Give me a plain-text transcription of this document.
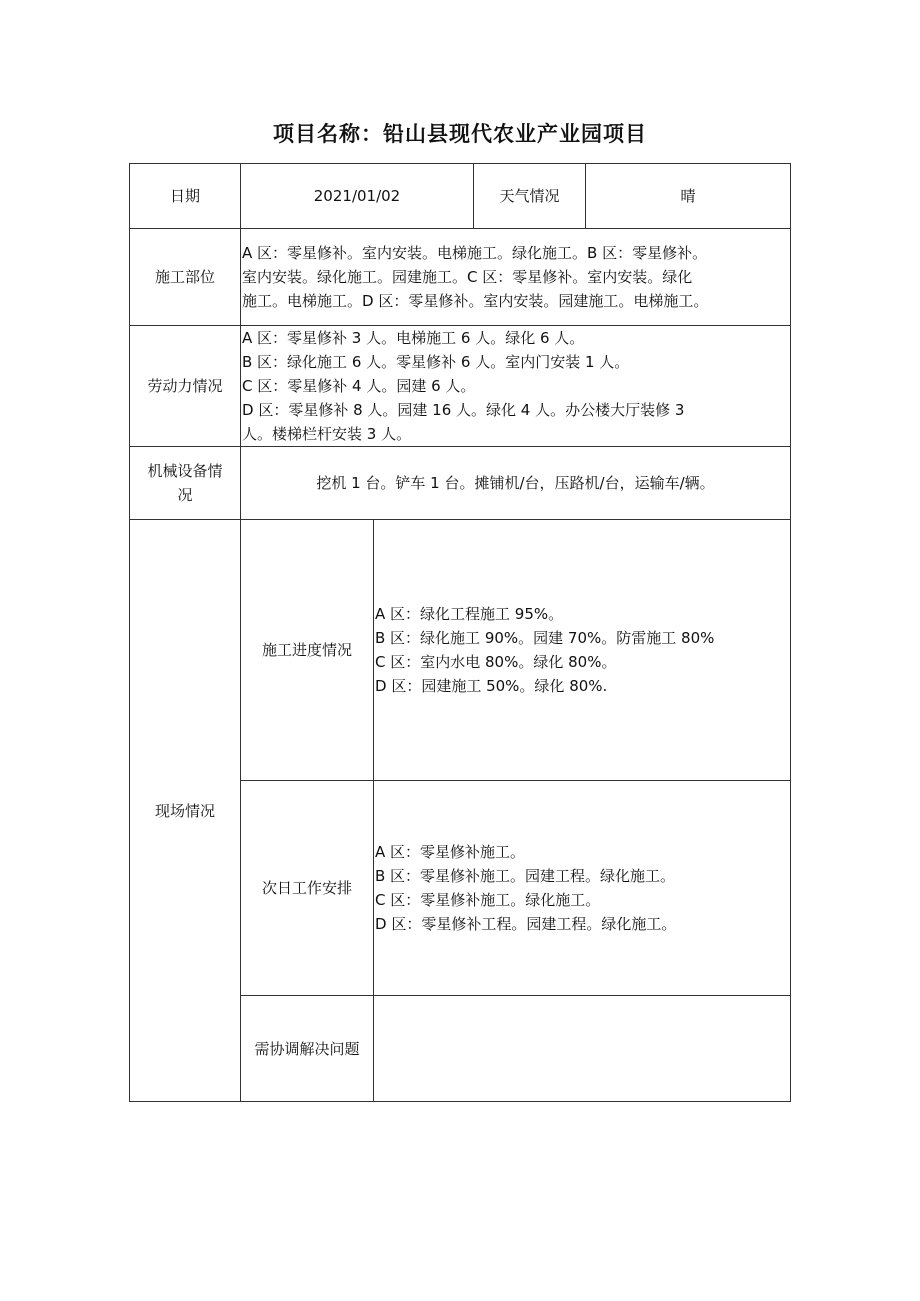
项目名称：铅山县现代农业产业园项目
日期	2021/01/02		天气情况	晴
施工部位	A 区：零星修补。室内安装。电梯施工。绿化施工。B 区：零星修补。
室内安装。绿化施工。园建施工。C 区：零星修补。室内安装。绿化
施工。电梯施工。D 区：零星修补。室内安装。园建施工。电梯施工。			

劳动力情况	A 区：零星修补 3 人。电梯施工 6 人。绿化 6 人。
B 区：绿化施工 6 人。零星修补 6 人。室内门安装 1 人。
C 区：零星修补 4 人。园建 6 人。
D 区：零星修补 8 人。园建 16 人。绿化 4 人。办公楼大厅装修 3
人。楼梯栏杆安装 3 人。			

机械设备情
况	挖机 1 台。铲车 1 台。摊铺机/台，压路机/台，运输车/辆。			
现场情况	施工进度情况	A 区：绿化工程施工 95%。
B 区：绿化施工 90%。园建 70%。防雷施工 80%
C 区：室内水电 80%。绿化 80%。
D 区：园建施工 50%。绿化 80%.		

	次日工作安排	A 区：零星修补施工。
B 区：零星修补施工。园建工程。绿化施工。
C 区：零星修补施工。绿化施工。
D 区：零星修补工程。园建工程。绿化施工。		

	需协调解决问题			
